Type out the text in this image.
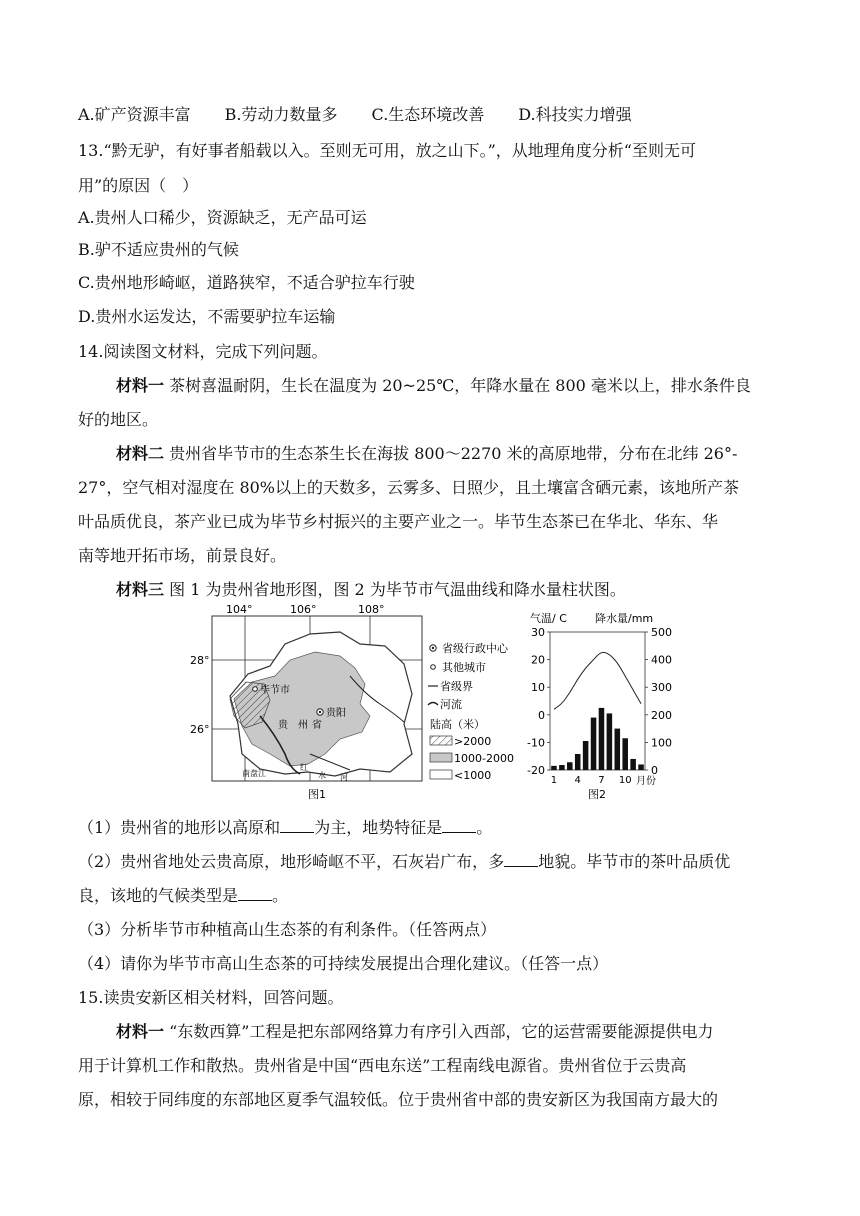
A.矿产资源丰富 B.劳动力数量多 C.生态环境改善 D.科技实力增强
13.“黔无驴，有好事者船载以入。至则无可用，放之山下。”，从地理角度分析“至则无可
用”的原因（　）
A.贵州人口稀少，资源缺乏，无产品可运
B.驴不适应贵州的气候
C.贵州地形崎岖，道路狭窄，不适合驴拉车行驶
D.贵州水运发达，不需要驴拉车运输
14.阅读图文材料，完成下列问题。
材料一 茶树喜温耐阴，生长在温度为 20~25℃，年降水量在 800 毫米以上，排水条件良
好的地区。
材料二 贵州省毕节市的生态茶生长在海拔 800～2270 米的高原地带，分布在北纬 26°-
27°，空气相对湿度在 80%以上的天数多，云雾多、日照少，且土壤富含硒元素，该地所产茶
叶品质优良，茶产业已成为毕节乡村振兴的主要产业之一。毕节生态茶已在华北、华东、华
南等地开拓市场，前景良好。
材料三 图 1 为贵州省地形图，图 2 为毕节市气温曲线和降水量柱状图。
104°	106°	108°
28°
26°
毕节市
贵阳
贵 州 省
南盘江
红
水 河
图1
省级行政中心
其他城市
省级界
河流
陆高（米）
>2000
1000-2000
<1000
气温/ C	降水量/mm
30
20
10
0
-10
-20
500
400
300
200
100
0
1 4 7 10 月份
图2
（1）贵州省的地形以高原和 为主，地势特征是 。
（2）贵州省地处云贵高原，地形崎岖不平，石灰岩广布，多 地貌。毕节市的茶叶品质优
良，该地的气候类型是 。
（3）分析毕节市种植高山生态茶的有利条件。（任答两点）
（4）请你为毕节市高山生态茶的可持续发展提出合理化建议。（任答一点）
15.读贵安新区相关材料，回答问题。
材料一 “东数西算”工程是把东部网络算力有序引入西部，它的运营需要能源提供电力
用于计算机工作和散热。贵州省是中国“西电东送”工程南线电源省。贵州省位于云贵高
原，相较于同纬度的东部地区夏季气温较低。位于贵州省中部的贵安新区为我国南方最大的
